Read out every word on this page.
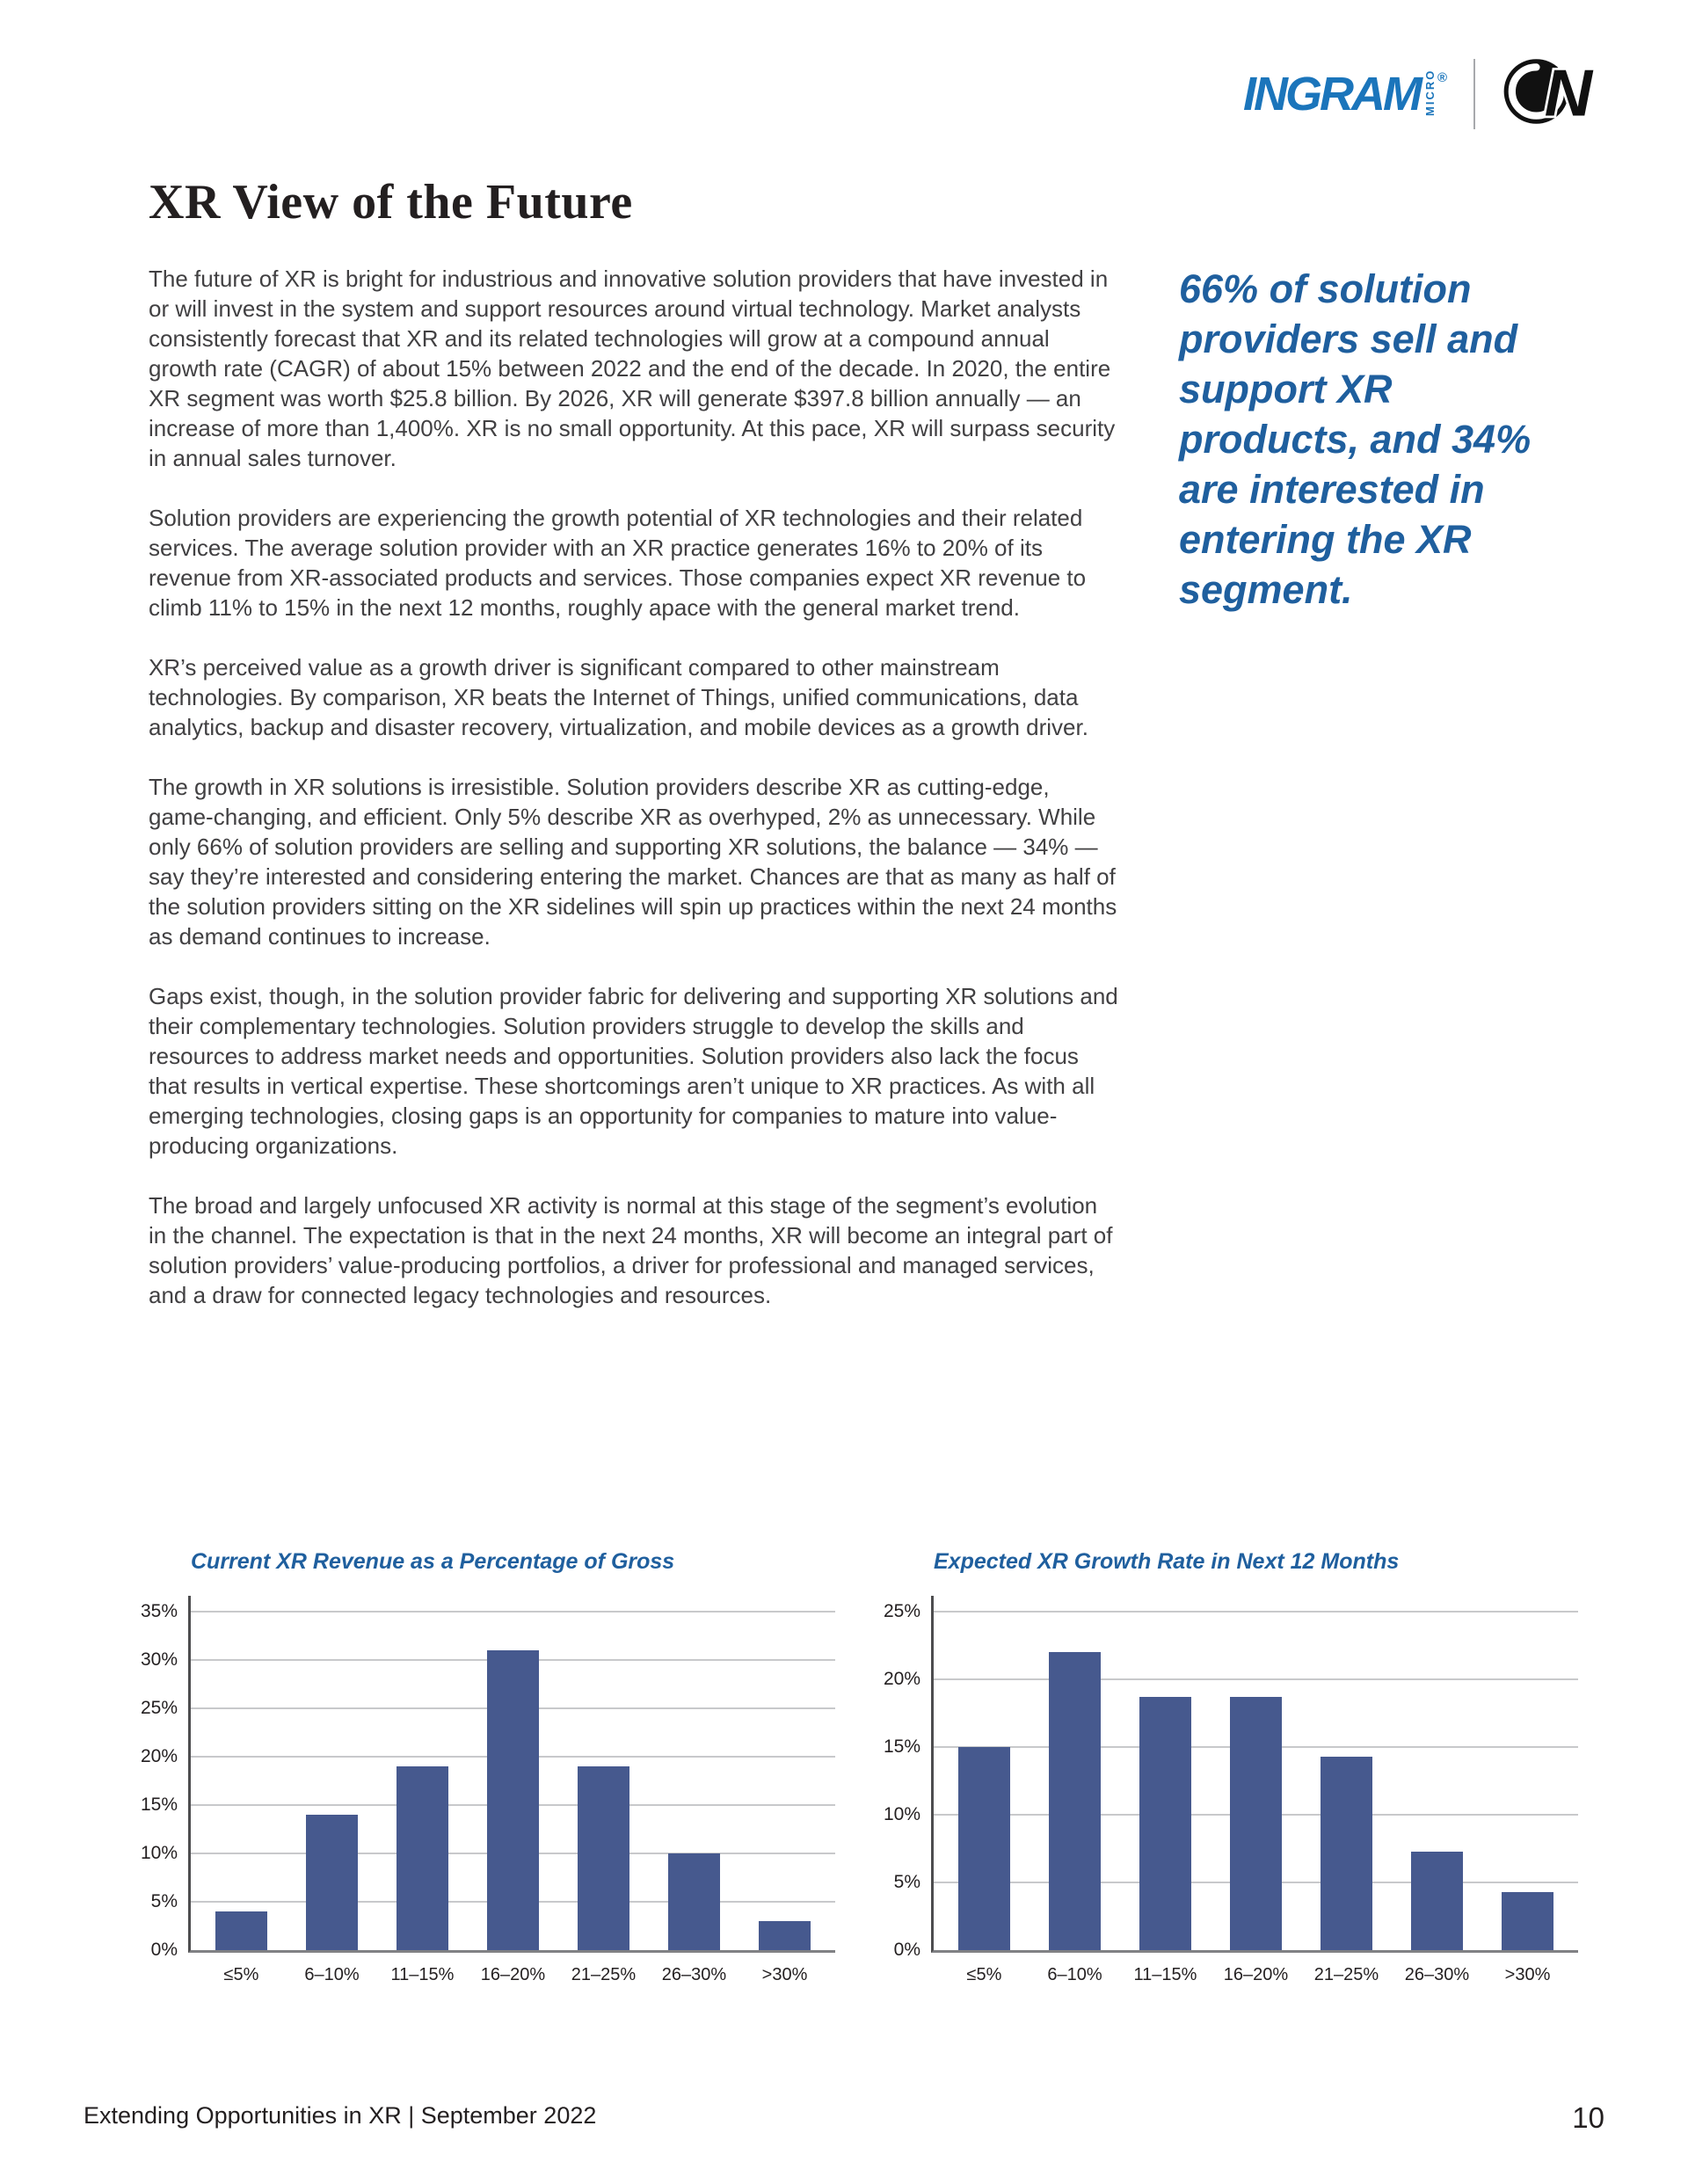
INGRAM MICRO ® N
XR View of the Future

The future of XR is bright for industrious and innovative solution providers that have invested in or will invest in the system and support resources around virtual technology. Market analysts consistently forecast that XR and its related technologies will grow at a compound annual growth rate (CAGR) of about 15% between 2022 and the end of the decade. In 2020, the entire XR segment was worth $25.8 billion. By 2026, XR will generate $397.8 billion annually — an increase of more than 1,400%. XR is no small opportunity. At this pace, XR will surpass security in annual sales turnover.

Solution providers are experiencing the growth potential of XR technologies and their related services. The average solution provider with an XR practice generates 16% to 20% of its revenue from XR-associated products and services. Those companies expect XR revenue to climb 11% to 15% in the next 12 months, roughly apace with the general market trend.

XR’s perceived value as a growth driver is significant compared to other mainstream technologies. By comparison, XR beats the Internet of Things, unified communications, data analytics, backup and disaster recovery, virtualization, and mobile devices as a growth driver.

The growth in XR solutions is irresistible. Solution providers describe XR as cutting-edge, game-changing, and efficient. Only 5% describe XR as overhyped, 2% as unnecessary. While only 66% of solution providers are selling and supporting XR solutions, the balance — 34% — say they’re interested and considering entering the market. Chances are that as many as half of the solution providers sitting on the XR sidelines will spin up practices within the next 24 months as demand continues to increase.

Gaps exist, though, in the solution provider fabric for delivering and supporting XR solutions and their complementary technologies. Solution providers struggle to develop the skills and resources to address market needs and opportunities. Solution providers also lack the focus that results in vertical expertise. These shortcomings aren’t unique to XR practices. As with all emerging technologies, closing gaps is an opportunity for companies to mature into value-producing organizations.

The broad and largely unfocused XR activity is normal at this stage of the segment’s evolution in the channel. The expectation is that in the next 24 months, XR will become an integral part of solution providers’ value-producing portfolios, a driver for professional and managed services, and a draw for connected legacy technologies and resources.

66% of solution providers sell and support XR products, and 34% are interested in entering the XR segment.
Current XR Revenue as a Percentage of Gross
0%
5%
10%
15%
20%
25%
30%
35%
≤5%	6–10%	11–15%	16–20%	21–25%	26–30%	>30%
Expected XR Growth Rate in Next 12 Months
0%
5%
10%
15%
20%
25%
≤5%	6–10%	11–15%	16–20%	21–25%	26–30%	>30%
Extending Opportunities in XR | September 2022	10
